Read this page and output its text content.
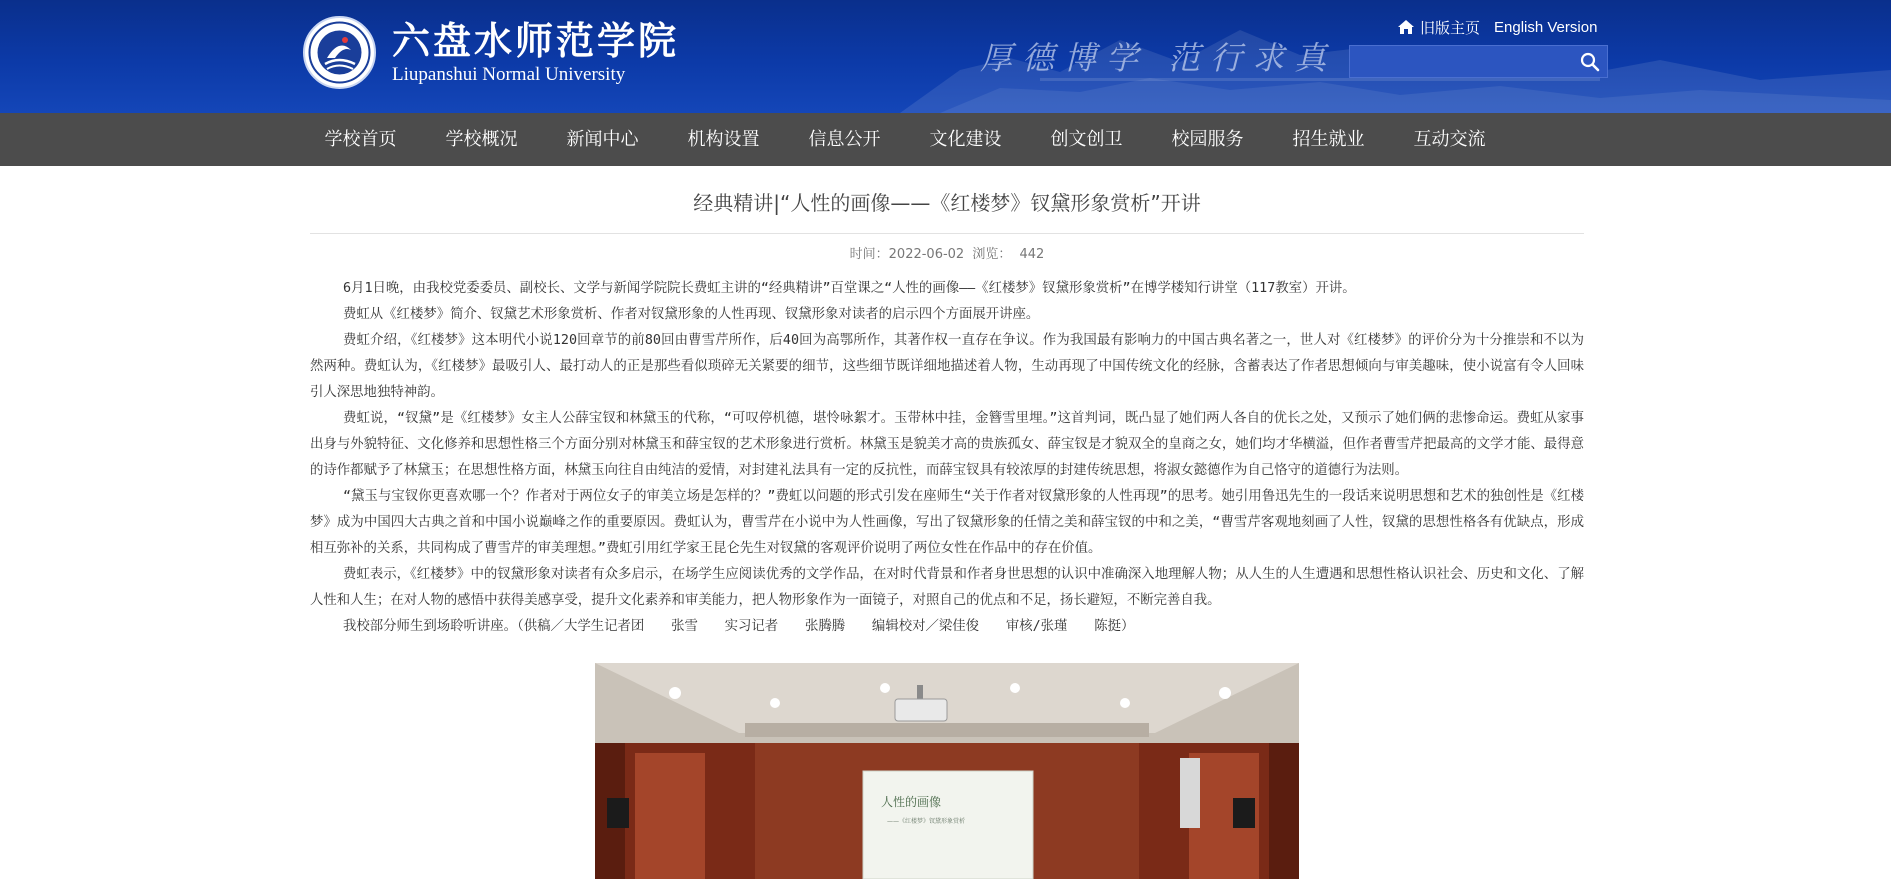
六盘水师范学院
Liupanshui Normal University	厚德博学 范行求真
旧版主页 English Version
学校首页	学校概况	新闻中心	机构设置	信息公开	文化建设	创文创卫	校园服务	招生就业	互动交流
经典精讲|“人性的画像——《红楼梦》钗黛形象赏析”开讲
时间：2022-06-02 浏览： 442

6月1日晚，由我校党委委员、副校长、文学与新闻学院院长费虹主讲的“经典精讲”百堂课之“人性的画像——《红楼梦》钗黛形象赏析”在博学楼知行讲堂（117教室）开讲。

费虹从《红楼梦》简介、钗黛艺术形象赏析、作者对钗黛形象的人性再现、钗黛形象对读者的启示四个方面展开讲座。

费虹介绍，《红楼梦》这本明代小说120回章节的前80回由曹雪芹所作，后40回为高鄂所作，其著作权一直存在争议。作为我国最有影响力的中国古典名著之一，世人对《红楼梦》的评价分为十分推崇和不以为然两种。费虹认为，《红楼梦》最吸引人、最打动人的正是那些看似琐碎无关紧要的细节，这些细节既详细地描述着人物，生动再现了中国传统文化的经脉，含蓄表达了作者思想倾向与审美趣味，使小说富有令人回味引人深思地独特神韵。

费虹说，“钗黛”是《红楼梦》女主人公薛宝钗和林黛玉的代称，“可叹停机德，堪怜咏絮才。玉带林中挂，金簪雪里埋。”这首判词，既凸显了她们两人各自的优长之处，又预示了她们俩的悲惨命运。费虹从家事出身与外貌特征、文化修养和思想性格三个方面分别对林黛玉和薛宝钗的艺术形象进行赏析。林黛玉是貌美才高的贵族孤女、薛宝钗是才貌双全的皇商之女，她们均才华横溢，但作者曹雪芹把最高的文学才能、最得意的诗作都赋予了林黛玉；在思想性格方面，林黛玉向往自由纯洁的爱情，对封建礼法具有一定的反抗性，而薛宝钗具有较浓厚的封建传统思想，将淑女懿德作为自己恪守的道德行为法则。

“黛玉与宝钗你更喜欢哪一个？作者对于两位女子的审美立场是怎样的？”费虹以问题的形式引发在座师生“关于作者对钗黛形象的人性再现”的思考。她引用鲁迅先生的一段话来说明思想和艺术的独创性是《红楼梦》成为中国四大古典之首和中国小说巅峰之作的重要原因。费虹认为，曹雪芹在小说中为人性画像，写出了钗黛形象的任情之美和薛宝钗的中和之美，“曹雪芹客观地刻画了人性，钗黛的思想性格各有优缺点，形成相互弥补的关系，共同构成了曹雪芹的审美理想。”费虹引用红学家王昆仑先生对钗黛的客观评价说明了两位女性在作品中的存在价值。

费虹表示，《红楼梦》中的钗黛形象对读者有众多启示，在场学生应阅读优秀的文学作品，在对时代背景和作者身世思想的认识中准确深入地理解人物；从人生的人生遭遇和思想性格认识社会、历史和文化、了解人性和人生；在对人物的感悟中获得美感享受，提升文化素养和审美能力，把人物形象作为一面镜子，对照自己的优点和不足，扬长避短，不断完善自我。

我校部分师生到场聆听讲座。（供稿／大学生记者团　　张雪　　实习记者　　张腾腾　　编辑校对／梁佳俊　　审核/张瑾　　陈挺）

人性的画像
——《红楼梦》钗黛形象赏析
